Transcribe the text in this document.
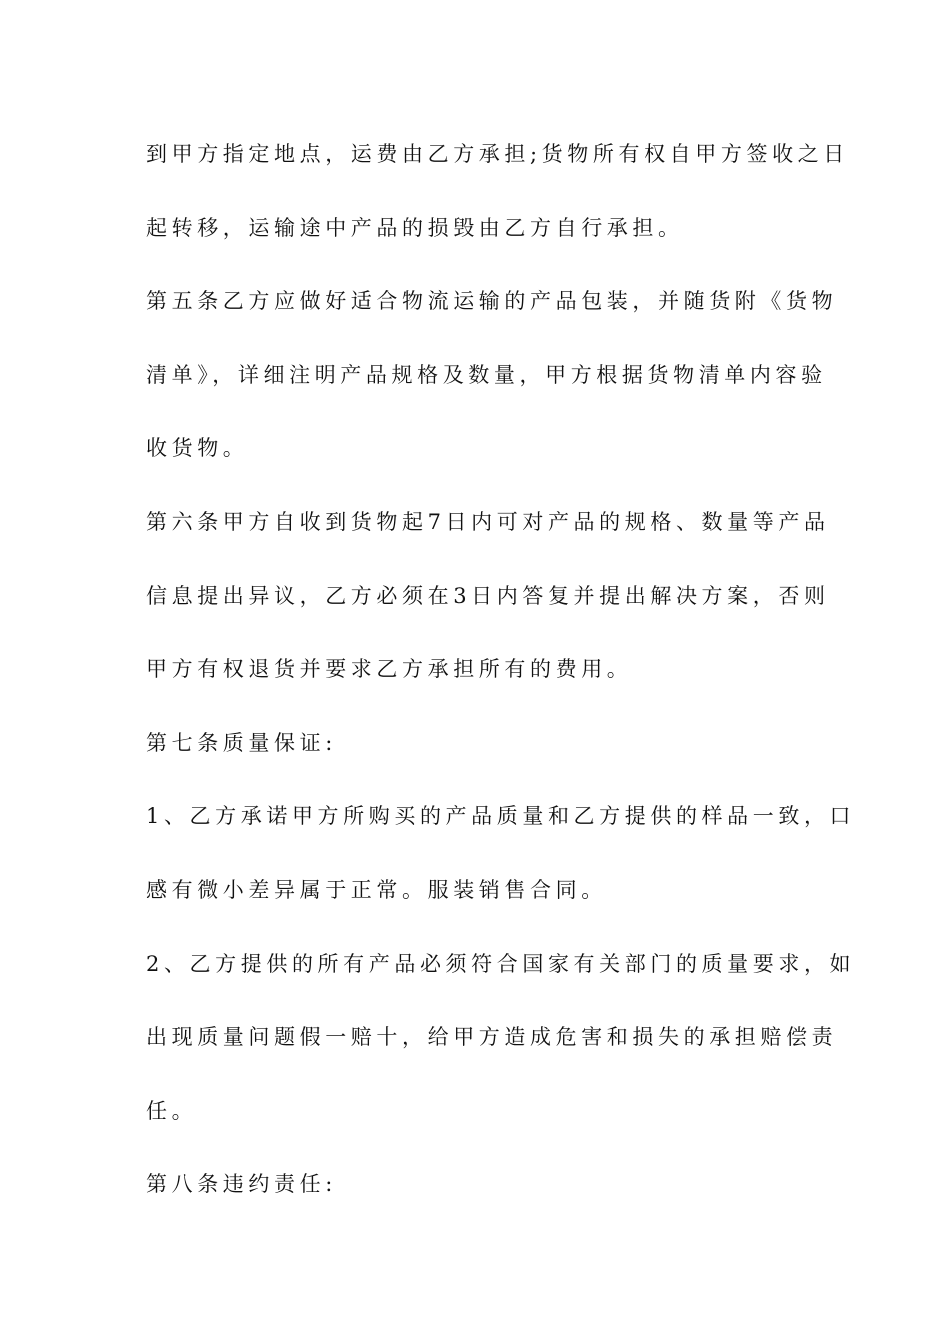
到甲方指定地点，运费由乙方承担;货物所有权自甲方签收之日
起转移，运输途中产品的损毁由乙方自行承担。
第五条乙方应做好适合物流运输的产品包装，并随货附《货物
清单》，详细注明产品规格及数量，甲方根据货物清单内容验
收货物。
第六条甲方自收到货物起7日内可对产品的规格、数量等产品
信息提出异议，乙方必须在3日内答复并提出解决方案，否则
甲方有权退货并要求乙方承担所有的费用。
第七条质量保证:
1、乙方承诺甲方所购买的产品质量和乙方提供的样品一致，口
感有微小差异属于正常。服装销售合同。
2、乙方提供的所有产品必须符合国家有关部门的质量要求，如
出现质量问题假一赔十，给甲方造成危害和损失的承担赔偿责
任。
第八条违约责任:
